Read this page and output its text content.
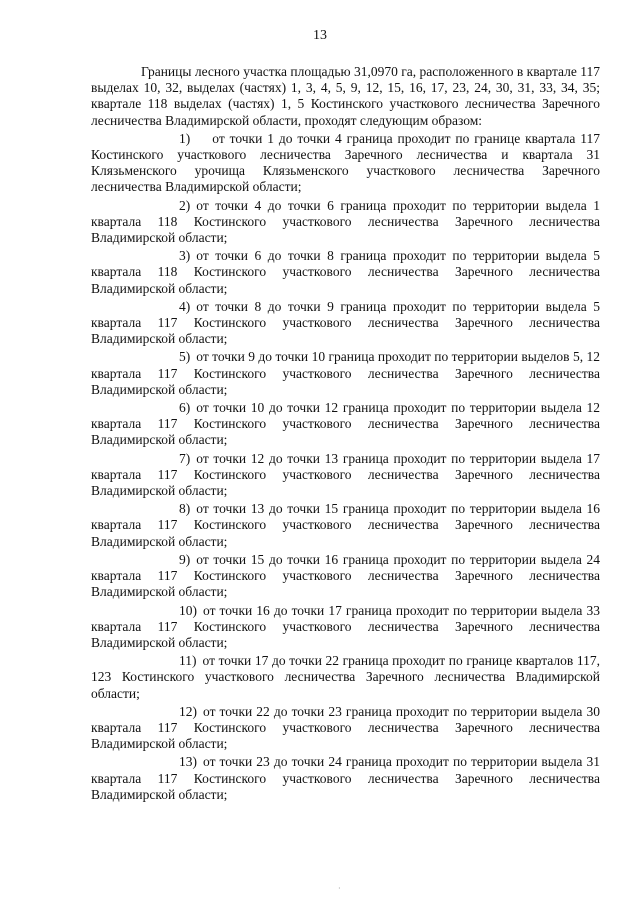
13

Границы лесного участка площадью 31,0970 га, расположенного в квартале 117 выделах 10, 32, выделах (частях) 1, 3, 4, 5, 9, 12, 15, 16, 17, 23, 24, 30, 31, 33, 34, 35; квартале 118 выделах (частях) 1, 5 Костинского участкового лесничества Заречного лесничества Владимирской области, проходят следующим образом:

1) от точки 1 до точки 4 граница проходит по границе квартала 117 Костинского участкового лесничества Заречного лесничества и квартала 31 Клязьменского урочища Клязьменского участкового лесничества Заречного лесничества Владимирской области;

2) от точки 4 до точки 6 граница проходит по территории выдела 1 квартала 118 Костинского участкового лесничества Заречного лесничества Владимирской области;

3) от точки 6 до точки 8 граница проходит по территории выдела 5 квартала 118 Костинского участкового лесничества Заречного лесничества Владимирской области;

4) от точки 8 до точки 9 граница проходит по территории выдела 5 квартала 117 Костинского участкового лесничества Заречного лесничества Владимирской области;

5) от точки 9 до точки 10 граница проходит по территории выделов 5, 12 квартала 117 Костинского участкового лесничества Заречного лесничества Владимирской области;

6) от точки 10 до точки 12 граница проходит по территории выдела 12 квартала 117 Костинского участкового лесничества Заречного лесничества Владимирской области;

7) от точки 12 до точки 13 граница проходит по территории выдела 17 квартала 117 Костинского участкового лесничества Заречного лесничества Владимирской области;

8) от точки 13 до точки 15 граница проходит по территории выдела 16 квартала 117 Костинского участкового лесничества Заречного лесничества Владимирской области;

9) от точки 15 до точки 16 граница проходит по территории выдела 24 квартала 117 Костинского участкового лесничества Заречного лесничества Владимирской области;

10) от точки 16 до точки 17 граница проходит по территории выдела 33 квартала 117 Костинского участкового лесничества Заречного лесничества Владимирской области;

11) от точки 17 до точки 22 граница проходит по границе кварталов 117, 123 Костинского участкового лесничества Заречного лесничества Владимирской области;

12) от точки 22 до точки 23 граница проходит по территории выдела 30 квартала 117 Костинского участкового лесничества Заречного лесничества Владимирской области;

13) от точки 23 до точки 24 граница проходит по территории выдела 31 квартала 117 Костинского участкового лесничества Заречного лесничества Владимирской области;

·
